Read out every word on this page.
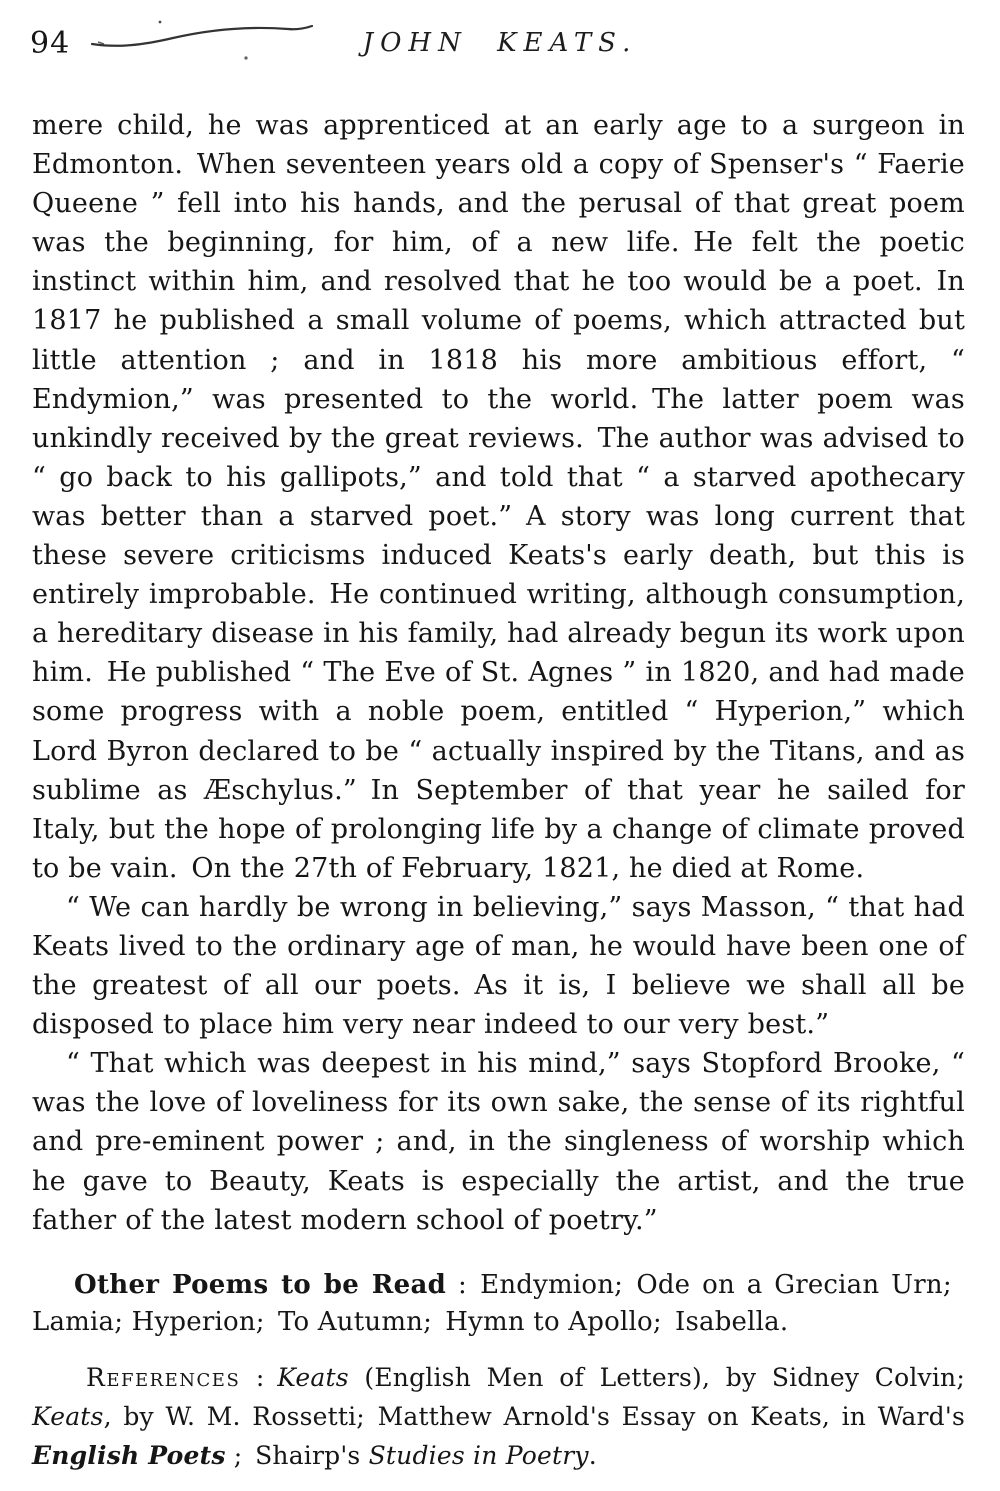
94	JOHN KEATS.

mere child, he was apprenticed at an early age to a surgeon in Edmonton. When seventeen years old a copy of Spenser's “ Faerie Queene ” fell into his hands, and the perusal of that great poem was the beginning, for him, of a new life. He felt the poetic instinct within him, and resolved that he too would be a poet. In 1817 he published a small volume of poems, which attracted but little attention ; and in 1818 his more ambitious effort, “ Endymion,” was presented to the world. The latter poem was unkindly received by the great reviews. The author was advised to “ go back to his gallipots,” and told that “ a starved apothecary was better than a starved poet.” A story was long current that these severe criticisms induced Keats's early death, but this is entirely improbable. He continued writing, although consumption, a hereditary disease in his family, had already begun its work upon him. He published “ The Eve of St. Agnes ” in 1820, and had made some progress with a noble poem, entitled “ Hyperion,” which Lord Byron declared to be “ actually inspired by the Titans, and as sublime as Æschylus.” In September of that year he sailed for Italy, but the hope of prolonging life by a change of climate proved to be vain. On the 27th of February, 1821, he died at Rome.

“ We can hardly be wrong in believing,” says Masson, “ that had Keats lived to the ordinary age of man, he would have been one of the greatest of all our poets. As it is, I believe we shall all be disposed to place him very near indeed to our very best.”

“ That which was deepest in his mind,” says Stopford Brooke, “ was the love of loveliness for its own sake, the sense of its rightful and pre-eminent power ; and, in the singleness of worship which he gave to Beauty, Keats is especially the artist, and the true father of the latest modern school of poetry.”

Other Poems to be Read : Endymion; Ode on a Grecian Urn; Lamia; Hyperion; To Autumn; Hymn to Apollo; Isabella.

References : Keats (English Men of Letters), by Sidney Colvin; Keats, by W. M. Rossetti; Matthew Arnold's Essay on Keats, in Ward's English Poets ; Shairp's Studies in Poetry.
